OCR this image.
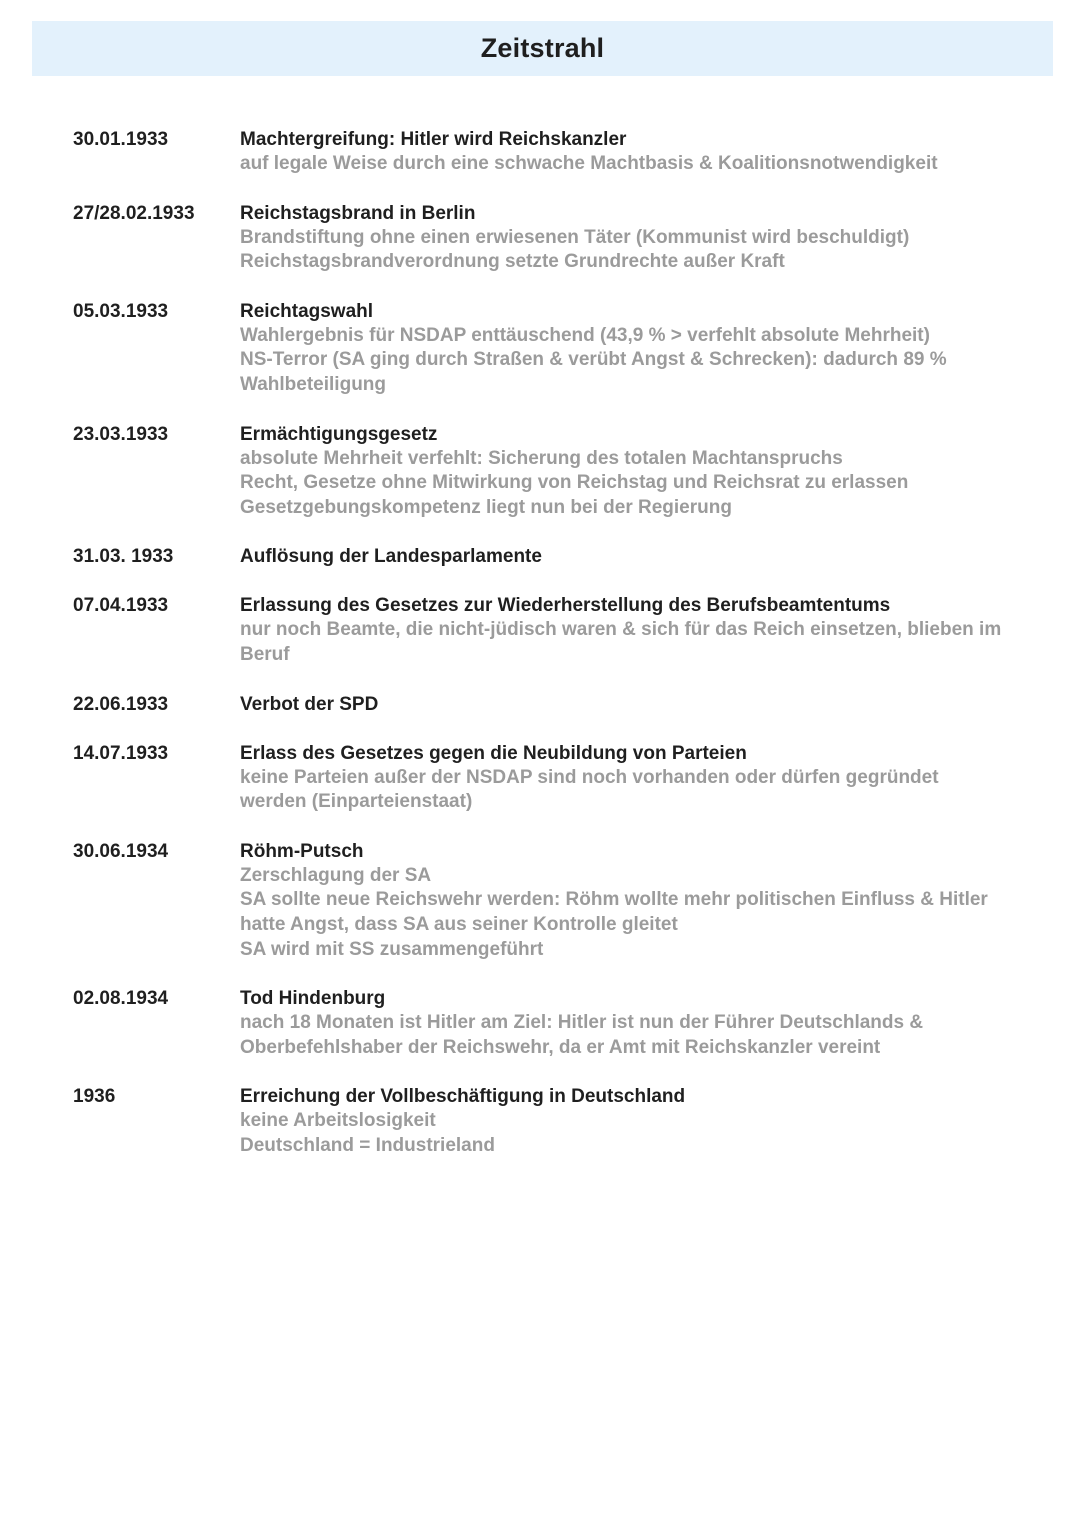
Zeitstrahl
30.01.1933	Machtergreifung: Hitler wird Reichskanzler
auf legale Weise durch eine schwache Machtbasis & Koalitionsnotwendigkeit
27/28.02.1933 Reichstagsbrand in Berlin
Brandstiftung ohne einen erwiesenen Täter (Kommunist wird beschuldigt)
Reichstagsbrandverordnung setzte Grundrechte außer Kraft
05.03.1933	Reichtagswahl
Wahlergebnis für NSDAP enttäuschend (43,9 % > verfehlt absolute Mehrheit)
NS-Terror (SA ging durch Straßen & verübt Angst & Schrecken): dadurch 89 %
Wahlbeteiligung
23.03.1933	Ermächtigungsgesetz
absolute Mehrheit verfehlt: Sicherung des totalen Machtanspruchs
Recht, Gesetze ohne Mitwirkung von Reichstag und Reichsrat zu erlassen
Gesetzgebungskompetenz liegt nun bei der Regierung
31.03. 1933	Auflösung der Landesparlamente
07.04.1933	Erlassung des Gesetzes zur Wiederherstellung des Berufsbeamtentums
nur noch Beamte, die nicht-jüdisch waren & sich für das Reich einsetzen, blieben im
Beruf
22.06.1933	Verbot der SPD
14.07.1933	Erlass des Gesetzes gegen die Neubildung von Parteien
keine Parteien außer der NSDAP sind noch vorhanden oder dürfen gegründet
werden (Einparteienstaat)
30.06.1934	Röhm-Putsch
Zerschlagung der SA
SA sollte neue Reichswehr werden: Röhm wollte mehr politischen Einfluss & Hitler
hatte Angst, dass SA aus seiner Kontrolle gleitet
SA wird mit SS zusammengeführt
02.08.1934	Tod Hindenburg
nach 18 Monaten ist Hitler am Ziel: Hitler ist nun der Führer Deutschlands &
Oberbefehlshaber der Reichswehr, da er Amt mit Reichskanzler vereint
1936	Erreichung der Vollbeschäftigung in Deutschland
keine Arbeitslosigkeit
Deutschland = Industrieland
